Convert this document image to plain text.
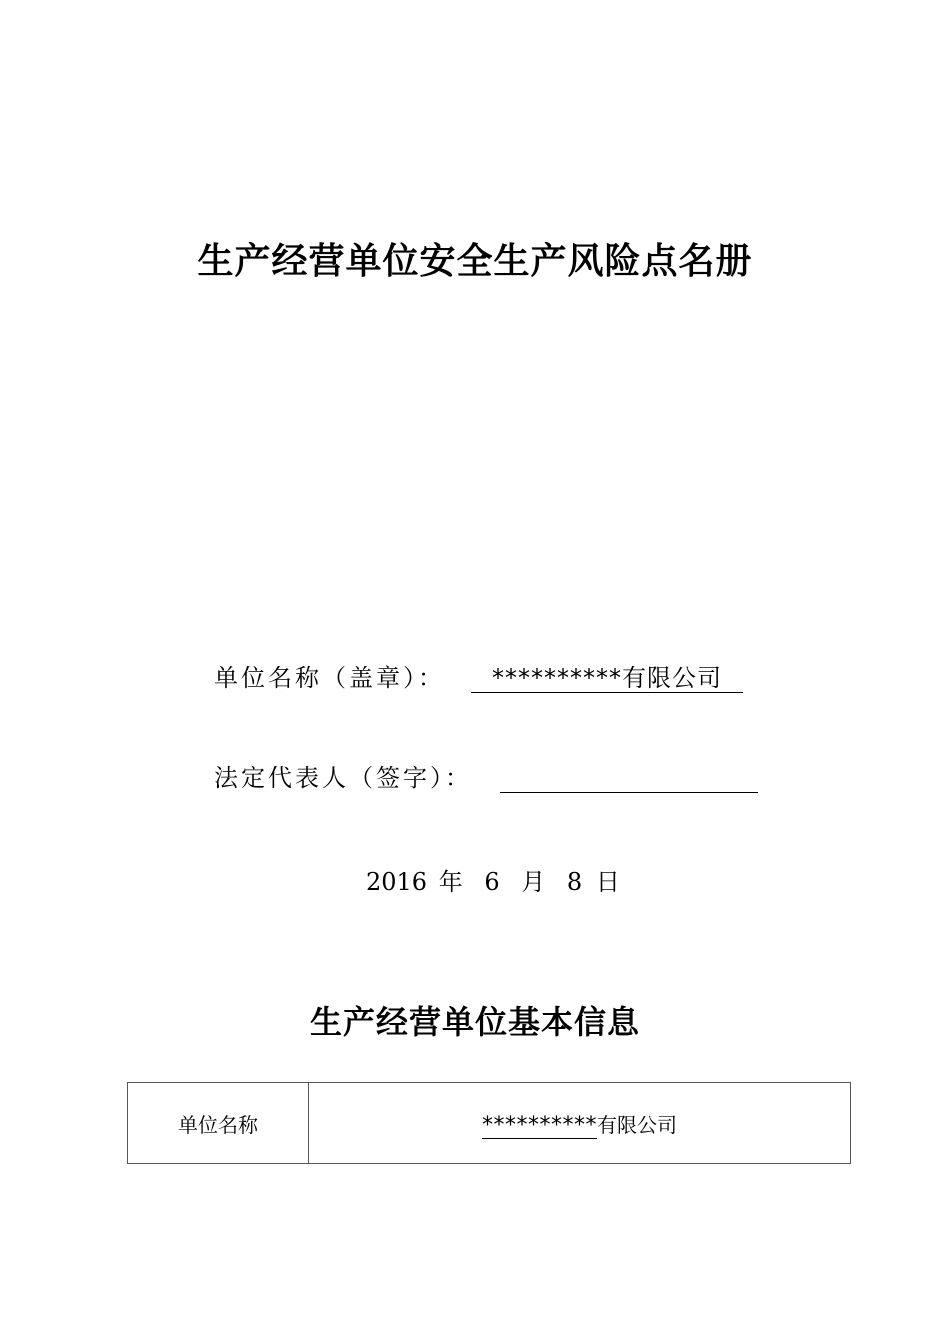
生产经营单位安全生产风险点名册
单位名称（盖章）：	**********有限公司
法定代表人（签字）：
2016 年 6 月 8 日
生产经营单位基本信息
单位名称	**********有限公司
